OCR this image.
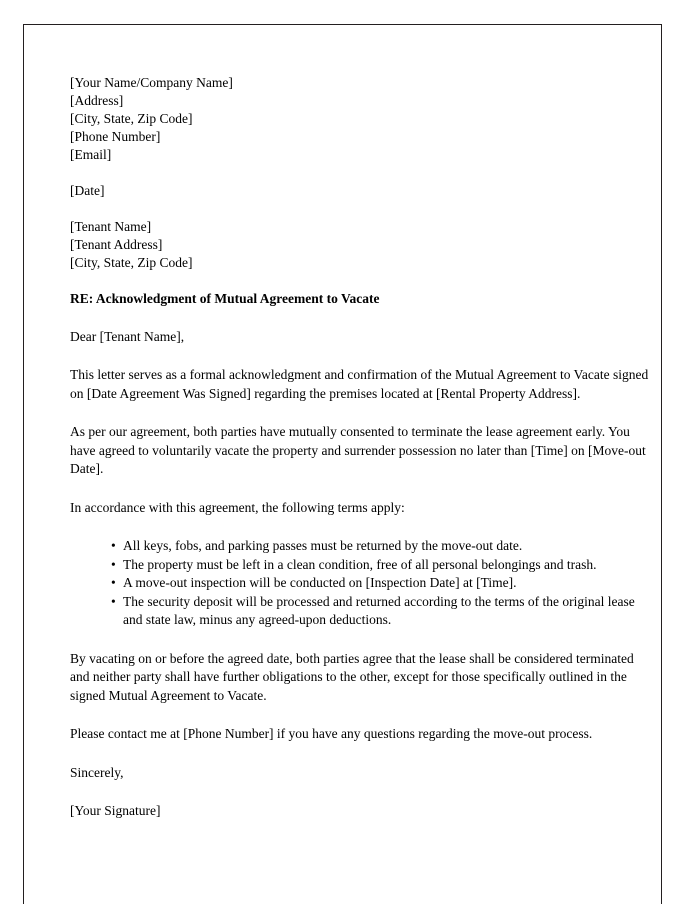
[Your Name/Company Name]
[Address]
[City, State, Zip Code]
[Phone Number]
[Email]
[Date]
[Tenant Name]
[Tenant Address]
[City, State, Zip Code]
RE: Acknowledgment of Mutual Agreement to Vacate
Dear [Tenant Name],

This letter serves as a formal acknowledgment and confirmation of the Mutual Agreement to Vacate signed on [Date Agreement Was Signed] regarding the premises located at [Rental Property Address].

As per our agreement, both parties have mutually consented to terminate the lease agreement early. You have agreed to voluntarily vacate the property and surrender possession no later than [Time] on [Move-out Date].

In accordance with this agreement, the following terms apply:

• All keys, fobs, and parking passes must be returned by the move-out date.
• The property must be left in a clean condition, free of all personal belongings and trash.
• A move-out inspection will be conducted on [Inspection Date] at [Time].
• The security deposit will be processed and returned according to the terms of the original lease and state law, minus any agreed-upon deductions.

By vacating on or before the agreed date, both parties agree that the lease shall be considered terminated and neither party shall have further obligations to the other, except for those specifically outlined in the signed Mutual Agreement to Vacate.

Please contact me at [Phone Number] if you have any questions regarding the move-out process.

Sincerely,
[Your Signature]
